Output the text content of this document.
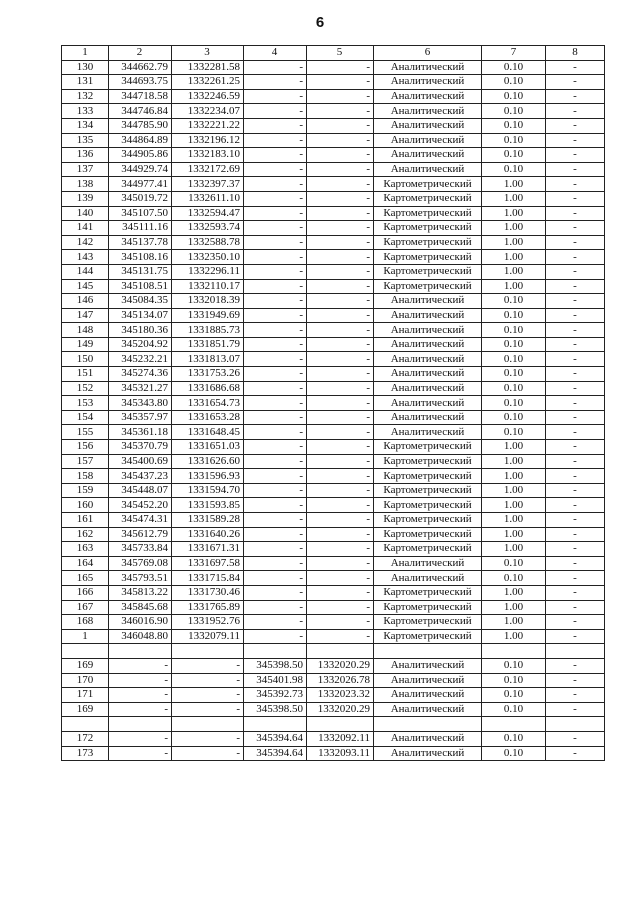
6
1	2	3	4	5	6	7	8
130	344662.79	1332281.58	-	-	Аналитический	0.10	-
131	344693.75	1332261.25	-	-	Аналитический	0.10	-
132	344718.58	1332246.59	-	-	Аналитический	0.10	-
133	344746.84	1332234.07	-	-	Аналитический	0.10	-
134	344785.90	1332221.22	-	-	Аналитический	0.10	-
135	344864.89	1332196.12	-	-	Аналитический	0.10	-
136	344905.86	1332183.10	-	-	Аналитический	0.10	-
137	344929.74	1332172.69	-	-	Аналитический	0.10	-
138	344977.41	1332397.37	-	-	Картометрический	1.00	-
139	345019.72	1332611.10	-	-	Картометрический	1.00	-
140	345107.50	1332594.47	-	-	Картометрический	1.00	-
141	345111.16	1332593.74	-	-	Картометрический	1.00	-
142	345137.78	1332588.78	-	-	Картометрический	1.00	-
143	345108.16	1332350.10	-	-	Картометрический	1.00	-
144	345131.75	1332296.11	-	-	Картометрический	1.00	-
145	345108.51	1332110.17	-	-	Картометрический	1.00	-
146	345084.35	1332018.39	-	-	Аналитический	0.10	-
147	345134.07	1331949.69	-	-	Аналитический	0.10	-
148	345180.36	1331885.73	-	-	Аналитический	0.10	-
149	345204.92	1331851.79	-	-	Аналитический	0.10	-
150	345232.21	1331813.07	-	-	Аналитический	0.10	-
151	345274.36	1331753.26	-	-	Аналитический	0.10	-
152	345321.27	1331686.68	-	-	Аналитический	0.10	-
153	345343.80	1331654.73	-	-	Аналитический	0.10	-
154	345357.97	1331653.28	-	-	Аналитический	0.10	-
155	345361.18	1331648.45	-	-	Аналитический	0.10	-
156	345370.79	1331651.03	-	-	Картометрический	1.00	-
157	345400.69	1331626.60	-	-	Картометрический	1.00	-
158	345437.23	1331596.93	-	-	Картометрический	1.00	-
159	345448.07	1331594.70	-	-	Картометрический	1.00	-
160	345452.20	1331593.85	-	-	Картометрический	1.00	-
161	345474.31	1331589.28	-	-	Картометрический	1.00	-
162	345612.79	1331640.26	-	-	Картометрический	1.00	-
163	345733.84	1331671.31	-	-	Картометрический	1.00	-
164	345769.08	1331697.58	-	-	Аналитический	0.10	-
165	345793.51	1331715.84	-	-	Аналитический	0.10	-
166	345813.22	1331730.46	-	-	Картометрический	1.00	-
167	345845.68	1331765.89	-	-	Картометрический	1.00	-
168	346016.90	1331952.76	-	-	Картометрический	1.00	-
1	346048.80	1332079.11	-	-	Картометрический	1.00	-

169	-	-	345398.50	1332020.29	Аналитический	0.10	-
170	-	-	345401.98	1332026.78	Аналитический	0.10	-
171	-	-	345392.73	1332023.32	Аналитический	0.10	-
169	-	-	345398.50	1332020.29	Аналитический	0.10	-

172	-	-	345394.64	1332092.11	Аналитический	0.10	-
173	-	-	345394.64	1332093.11	Аналитический	0.10	-
